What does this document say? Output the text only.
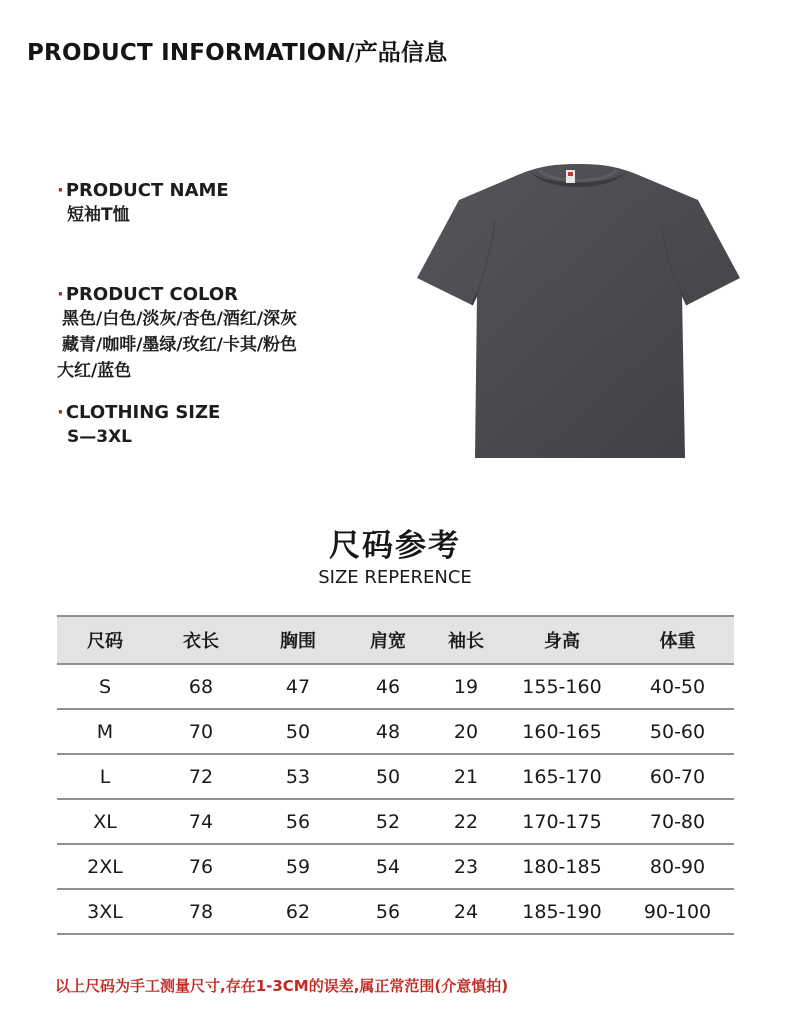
PRODUCT INFORMATION/产品信息
· PRODUCT NAME
短袖T恤
· PRODUCT COLOR
黑色/白色/淡灰/杏色/酒红/深灰
藏青/咖啡/墨绿/玫红/卡其/粉色
大红/蓝色
· CLOTHING SIZE
S—3XL
尺码参考
SIZE REPERENCE
尺码	衣长	胸围	肩宽	袖长	身高	体重
S	68	47	46	19	155-160	40-50
M	70	50	48	20	160-165	50-60
L	72	53	50	21	165-170	60-70
XL	74	56	52	22	170-175	70-80
2XL	76	59	54	23	180-185	80-90
3XL	78	62	56	24	185-190	90-100
以上尺码为手工测量尺寸,存在1-3CM的误差,属正常范围(介意慎拍)
